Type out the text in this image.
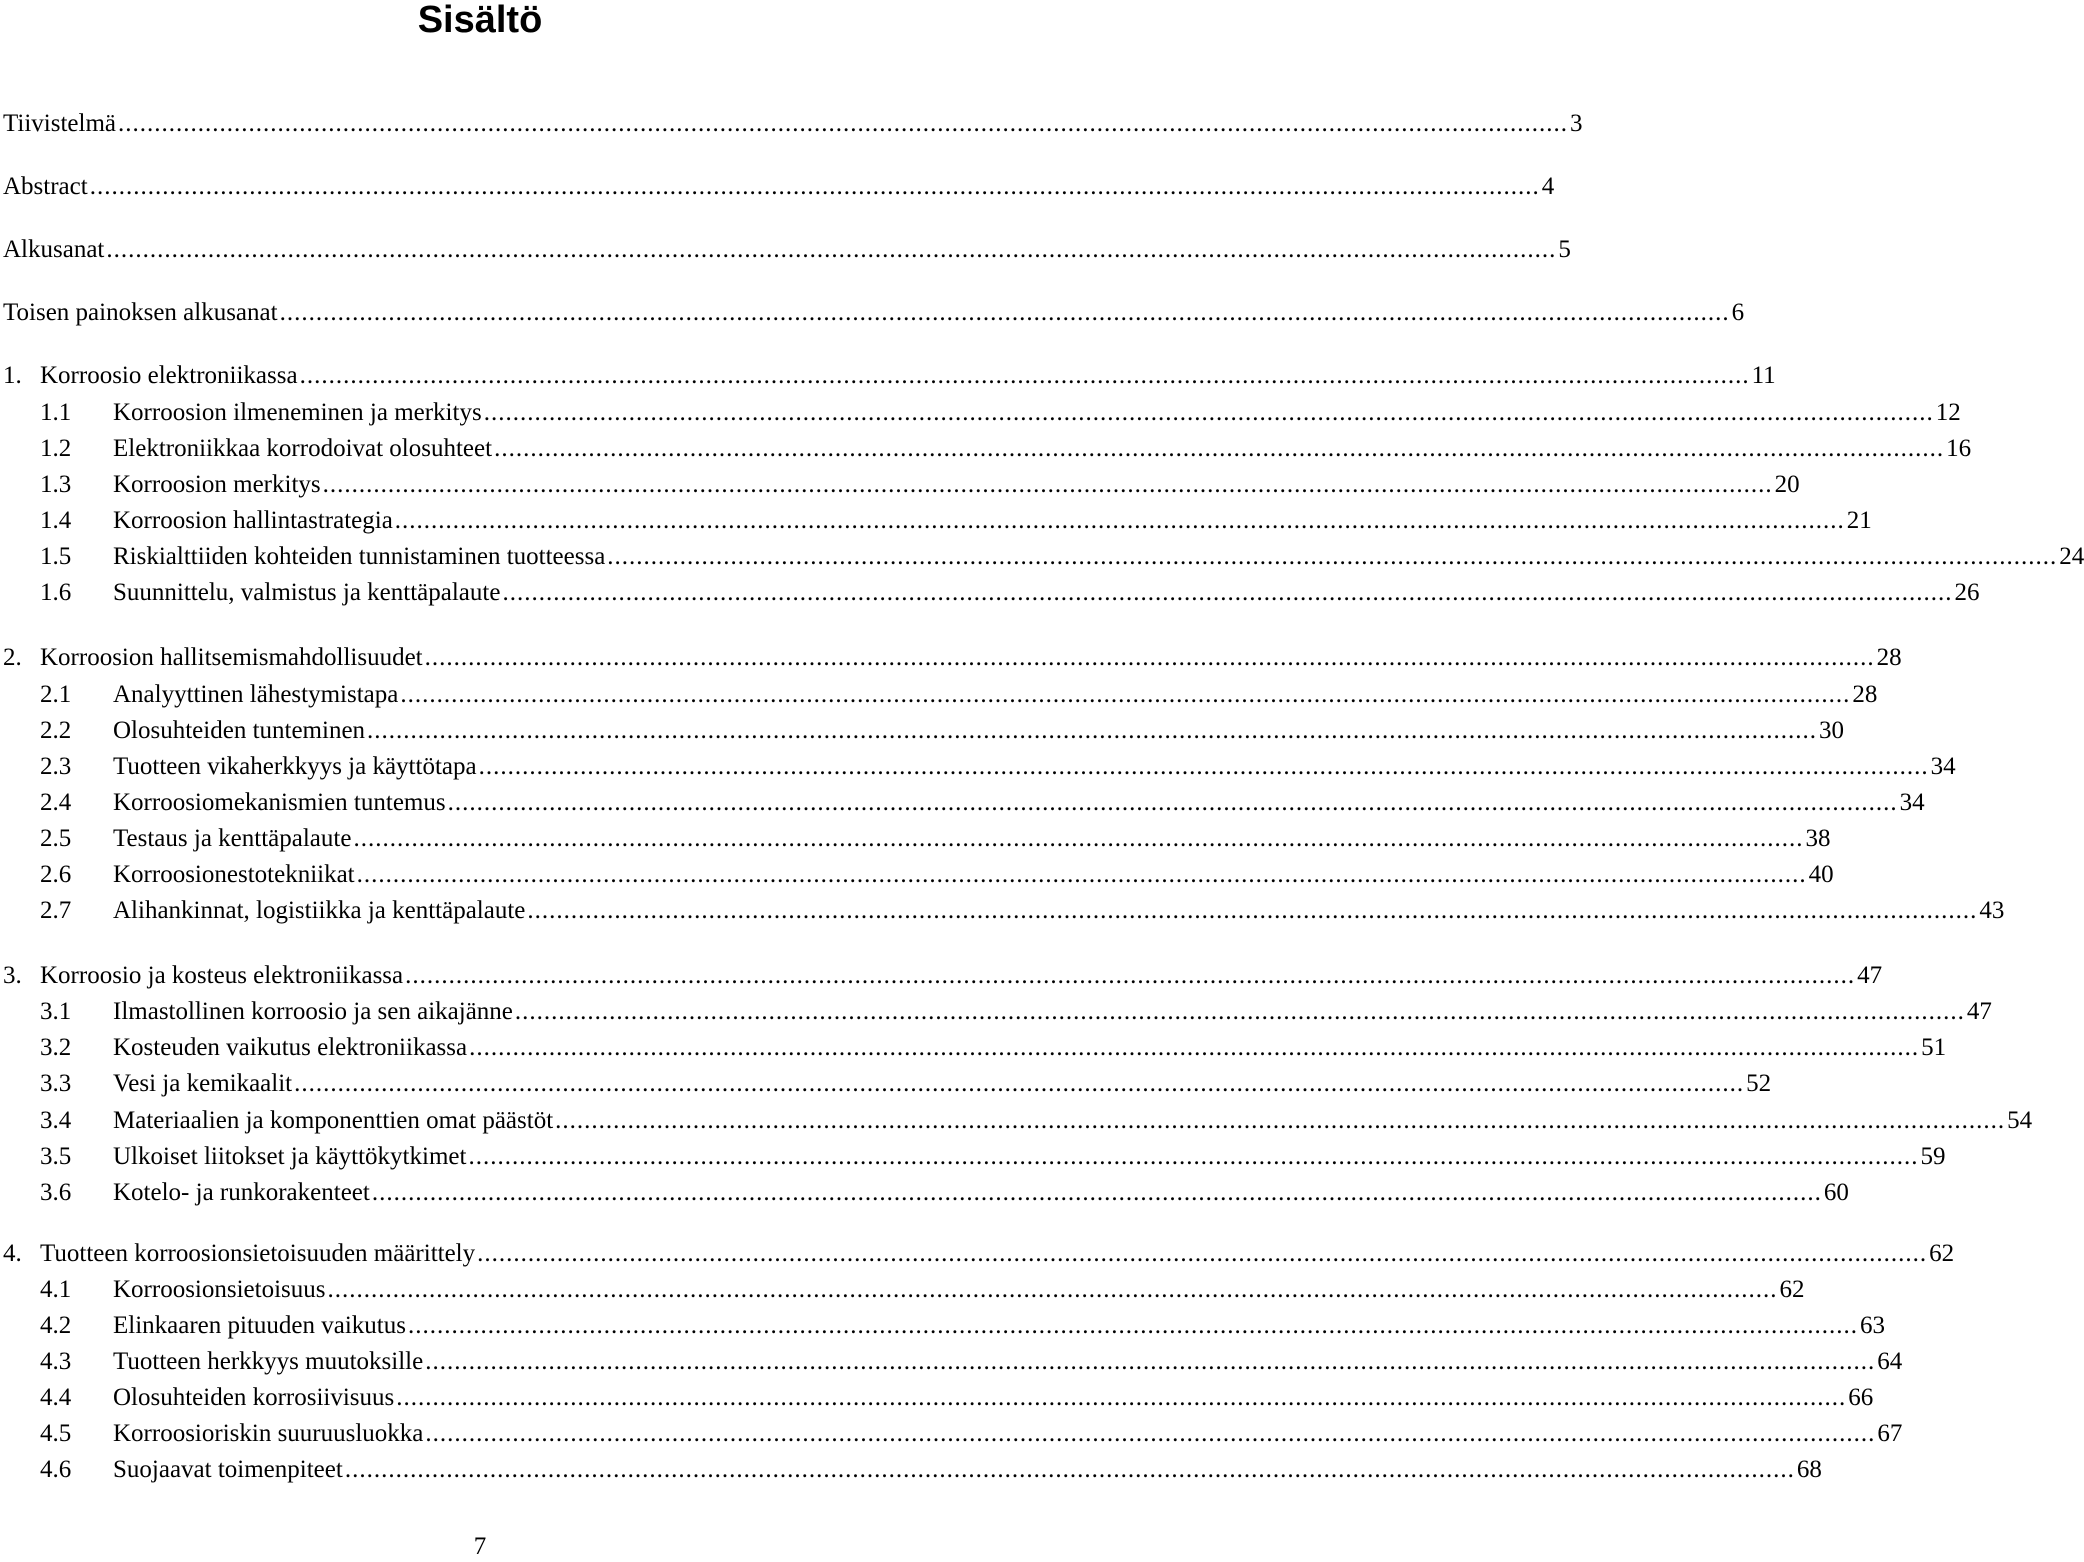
Sisältö
Tiivistelmä ........................................................................................................................................................................................................ 3
Abstract ........................................................................................................................................................................................................ 4
Alkusanat ........................................................................................................................................................................................................ 5
Toisen painoksen alkusanat ........................................................................................................................................................................................................ 6
1. Korroosio elektroniikassa ........................................................................................................................................................................................................ 11
1.1	Korroosion ilmeneminen ja merkitys ........................................................................................................................................................................................................ 12
1.2	Elektroniikkaa korrodoivat olosuhteet ........................................................................................................................................................................................................ 16
1.3	Korroosion merkitys ........................................................................................................................................................................................................ 20
1.4	Korroosion hallintastrategia ........................................................................................................................................................................................................ 21
1.5	Riskialttiiden kohteiden tunnistaminen tuotteessa ........................................................................................................................................................................................................ 24
1.6	Suunnittelu, valmistus ja kenttäpalaute ........................................................................................................................................................................................................ 26
2. Korroosion hallitsemismahdollisuudet ........................................................................................................................................................................................................ 28
2.1	Analyyttinen lähestymistapa ........................................................................................................................................................................................................ 28
2.2	Olosuhteiden tunteminen ........................................................................................................................................................................................................ 30
2.3	Tuotteen vikaherkkyys ja käyttötapa ........................................................................................................................................................................................................ 34
2.4	Korroosiomekanismien tuntemus ........................................................................................................................................................................................................ 34
2.5	Testaus ja kenttäpalaute ........................................................................................................................................................................................................ 38
2.6	Korroosionestotekniikat ........................................................................................................................................................................................................ 40
2.7	Alihankinnat, logistiikka ja kenttäpalaute ........................................................................................................................................................................................................ 43
3. Korroosio ja kosteus elektroniikassa ........................................................................................................................................................................................................ 47
3.1	Ilmastollinen korroosio ja sen aikajänne ........................................................................................................................................................................................................ 47
3.2	Kosteuden vaikutus elektroniikassa ........................................................................................................................................................................................................ 51
3.3	Vesi ja kemikaalit ........................................................................................................................................................................................................ 52
3.4	Materiaalien ja komponenttien omat päästöt ........................................................................................................................................................................................................ 54
3.5	Ulkoiset liitokset ja käyttökytkimet ........................................................................................................................................................................................................ 59
3.6	Kotelo- ja runkorakenteet ........................................................................................................................................................................................................ 60
4. Tuotteen korroosionsietoisuuden määrittely ........................................................................................................................................................................................................ 62
4.1	Korroosionsietoisuus ........................................................................................................................................................................................................ 62
4.2	Elinkaaren pituuden vaikutus ........................................................................................................................................................................................................ 63
4.3	Tuotteen herkkyys muutoksille ........................................................................................................................................................................................................ 64
4.4	Olosuhteiden korrosiivisuus ........................................................................................................................................................................................................ 66
4.5	Korroosioriskin suuruusluokka ........................................................................................................................................................................................................ 67
4.6	Suojaavat toimenpiteet ........................................................................................................................................................................................................ 68
7
